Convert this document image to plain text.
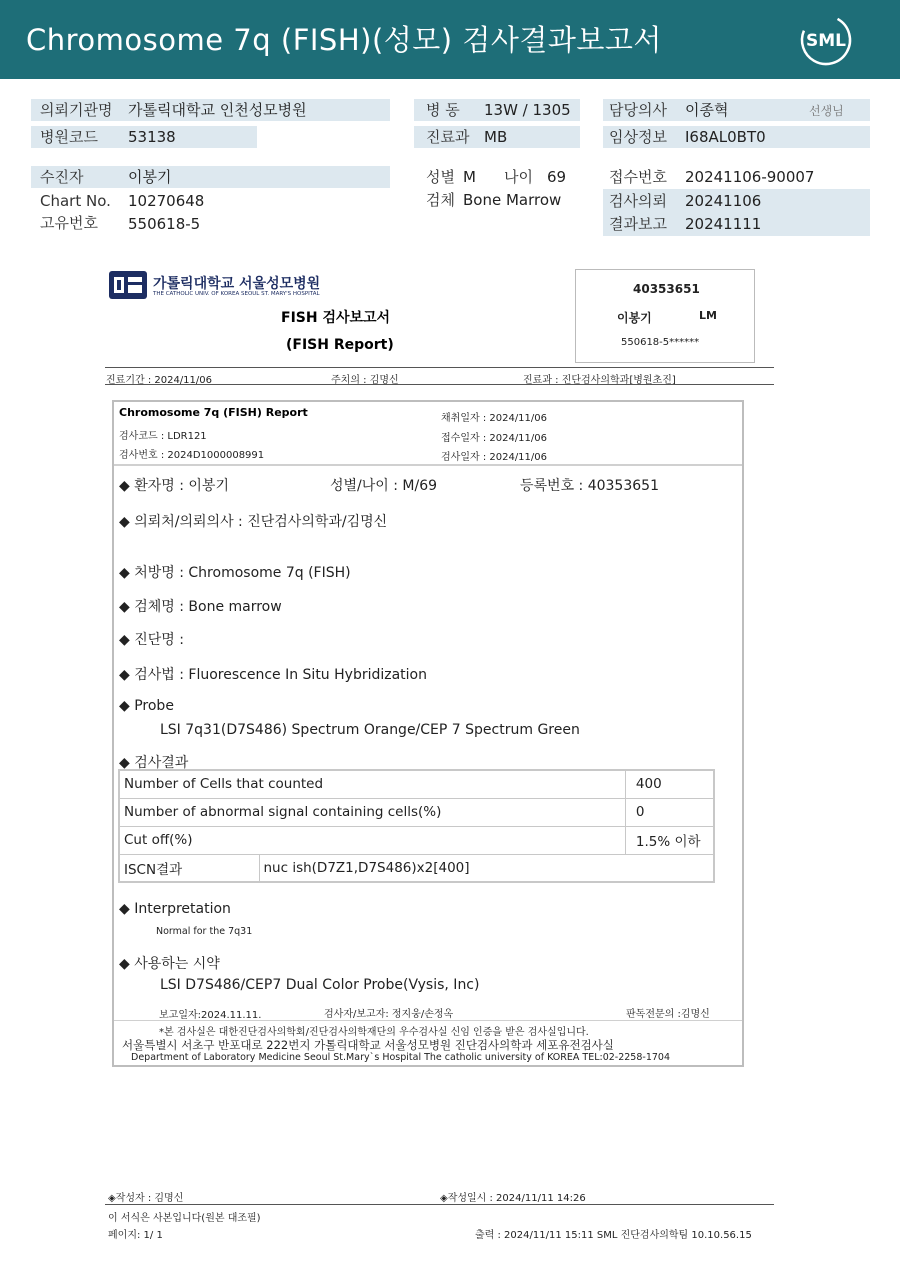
Chromosome 7q (FISH)(성모) 검사결과보고서	SML
의뢰기관명 가톨릭대학교 인천성모병원
병원코드 53138
수진자	이봉기
Chart No. 10270648
고유번호 550618-5
병 동 13W / 1305
진료과 MB
성별 M 나이 69
검체 Bone Marrow
담당의사 이종혁	선생님
임상정보 I68AL0BT0
접수번호 20241106-90007
검사의뢰 20241106
결과보고 20241111
가톨릭대학교 서울성모병원
THE CATHOLIC UNIV. OF KOREA SEOUL ST. MARY'S HOSPITAL
FISH 검사보고서
(FISH Report)
40353651
이봉기	LM
550618-5******
진료기간 : 2024/11/06	주치의 : 김명신	진료과 : 진단검사의학과[병원초진]
Chromosome 7q (FISH) Report
검사코드 : LDR121
검사번호 : 2024D1000008991
채취일자 : 2024/11/06
접수일자 : 2024/11/06
검사일자 : 2024/11/06
◆ 환자명 : 이봉기	성별/나이 : M/69	등록번호 : 40353651
◆ 의뢰처/의뢰의사 : 진단검사의학과/김명신
◆ 처방명 : Chromosome 7q (FISH)
◆ 검체명 : Bone marrow
◆ 진단명 :
◆ 검사법 : Fluorescence In Situ Hybridization
◆ Probe
LSI 7q31(D7S486) Spectrum Orange/CEP 7 Spectrum Green
◆ 검사결과
Number of Cells that counted		400
Number of abnormal signal containing cells(%)		0
Cut off(%)		1.5% 이하
ISCN결과	nuc ish(D7Z1,D7S486)x2[400]	
◆ Interpretation
Normal for the 7q31
◆ 사용하는 시약
LSI D7S486/CEP7 Dual Color Probe(Vysis, Inc)
보고일자:2024.11.11.	검사자/보고자: 정지웅/손정옥	판독전문의 :김명신
*본 검사실은 대한진단검사의학회/진단검사의학재단의 우수검사실 신임 인증을 받은 검사실입니다.
서울특별시 서초구 반포대로 222번지 가톨릭대학교 서울성모병원 진단검사의학과 세포유전검사실
Department of Laboratory Medicine Seoul St.Mary`s Hospital The catholic university of KOREA TEL:02-2258-1704
◈작성자 : 김명신	◈작성일시 : 2024/11/11 14:26
이 서식은 사본입니다(원본 대조필)
페이지: 1/ 1	출력 : 2024/11/11 15:11 SML 진단검사의학팀 10.10.56.15
